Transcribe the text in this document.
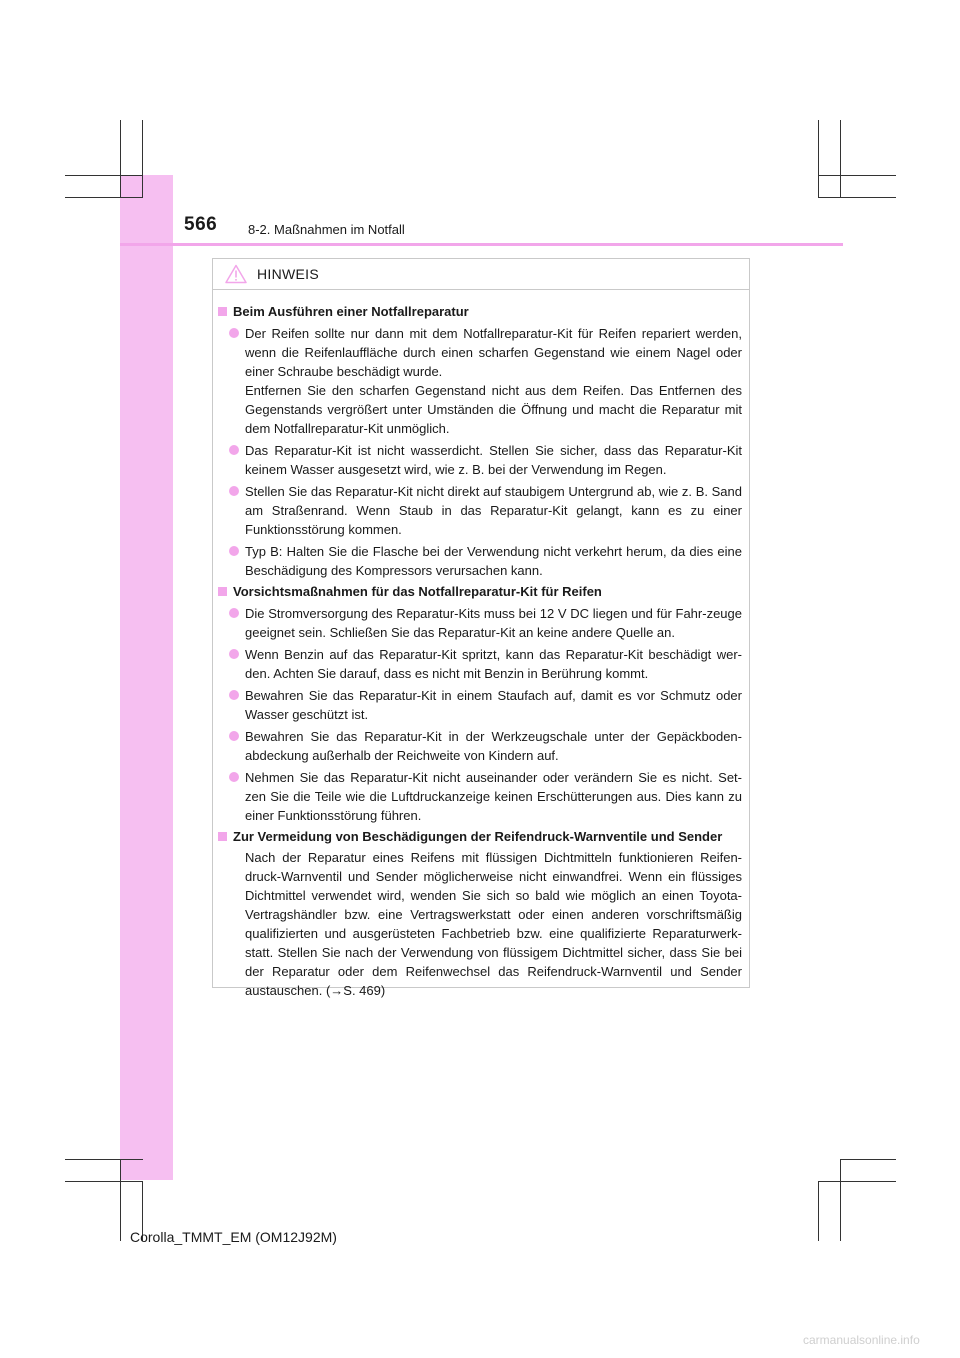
566 8-2. Maßnahmen im Notfall
HINWEIS
Beim Ausführen einer Notfallreparatur
Der Reifen sollte nur dann mit dem Notfallreparatur-Kit für Reifen repariert werden, wenn die Reifenlauffläche durch einen scharfen Gegenstand wie einem Nagel oder einer Schraube beschädigt wurde.
Entfernen Sie den scharfen Gegenstand nicht aus dem Reifen. Das Entfernen des Gegenstands vergrößert unter Umständen die Öffnung und macht die Reparatur mit dem Notfallreparatur-Kit unmöglich.
Das Reparatur-Kit ist nicht wasserdicht. Stellen Sie sicher, dass das Reparatur-Kit keinem Wasser ausgesetzt wird, wie z. B. bei der Verwendung im Regen.
Stellen Sie das Reparatur-Kit nicht direkt auf staubigem Untergrund ab, wie z. B. Sand am Straßenrand. Wenn Staub in das Reparatur-Kit gelangt, kann es zu einer Funktionsstörung kommen.
Typ B: Halten Sie die Flasche bei der Verwendung nicht verkehrt herum, da dies eine Beschädigung des Kompressors verursachen kann.
Vorsichtsmaßnahmen für das Notfallreparatur-Kit für Reifen
Die Stromversorgung des Reparatur-Kits muss bei 12 V DC liegen und für Fahr-zeuge geeignet sein. Schließen Sie das Reparatur-Kit an keine andere Quelle an.
Wenn Benzin auf das Reparatur-Kit spritzt, kann das Reparatur-Kit beschädigt wer-den. Achten Sie darauf, dass es nicht mit Benzin in Berührung kommt.
Bewahren Sie das Reparatur-Kit in einem Staufach auf, damit es vor Schmutz oder Wasser geschützt ist.
Bewahren Sie das Reparatur-Kit in der Werkzeugschale unter der Gepäckboden-abdeckung außerhalb der Reichweite von Kindern auf.
Nehmen Sie das Reparatur-Kit nicht auseinander oder verändern Sie es nicht. Set-zen Sie die Teile wie die Luftdruckanzeige keinen Erschütterungen aus. Dies kann zu einer Funktionsstörung führen.
Zur Vermeidung von Beschädigungen der Reifendruck-Warnventile und Sender
Nach der Reparatur eines Reifens mit flüssigen Dichtmitteln funktionieren Reifen-druck-Warnventil und Sender möglicherweise nicht einwandfrei. Wenn ein flüssiges Dichtmittel verwendet wird, wenden Sie sich so bald wie möglich an einen Toyota-Vertragshändler bzw. eine Vertragswerkstatt oder einen anderen vorschriftsmäßig qualifizierten und ausgerüsteten Fachbetrieb bzw. eine qualifizierte Reparaturwerk-statt. Stellen Sie nach der Verwendung von flüssigem Dichtmittel sicher, dass Sie bei der Reparatur oder dem Reifenwechsel das Reifendruck-Warnventil und Sender austauschen. (→S. 469)
Corolla_TMMT_EM (OM12J92M)
carmanualsonline.info
